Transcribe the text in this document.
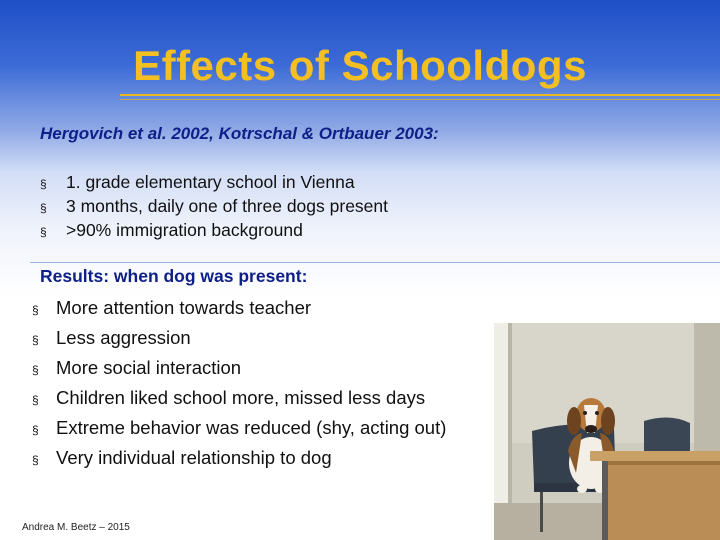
Effects of Schooldogs
Hergovich et al. 2002, Kotrschal & Ortbauer 2003:
§ 1. grade elementary school in Vienna
§ 3 months, daily one of three dogs present
§ >90% immigration background
Results: when dog was present:
§ More attention towards teacher
§ Less aggression
§ More social interaction
§ Children liked school more, missed less days
§ Extreme behavior was reduced (shy, acting out)
§ Very individual relationship to dog
Andrea M. Beetz – 2015
